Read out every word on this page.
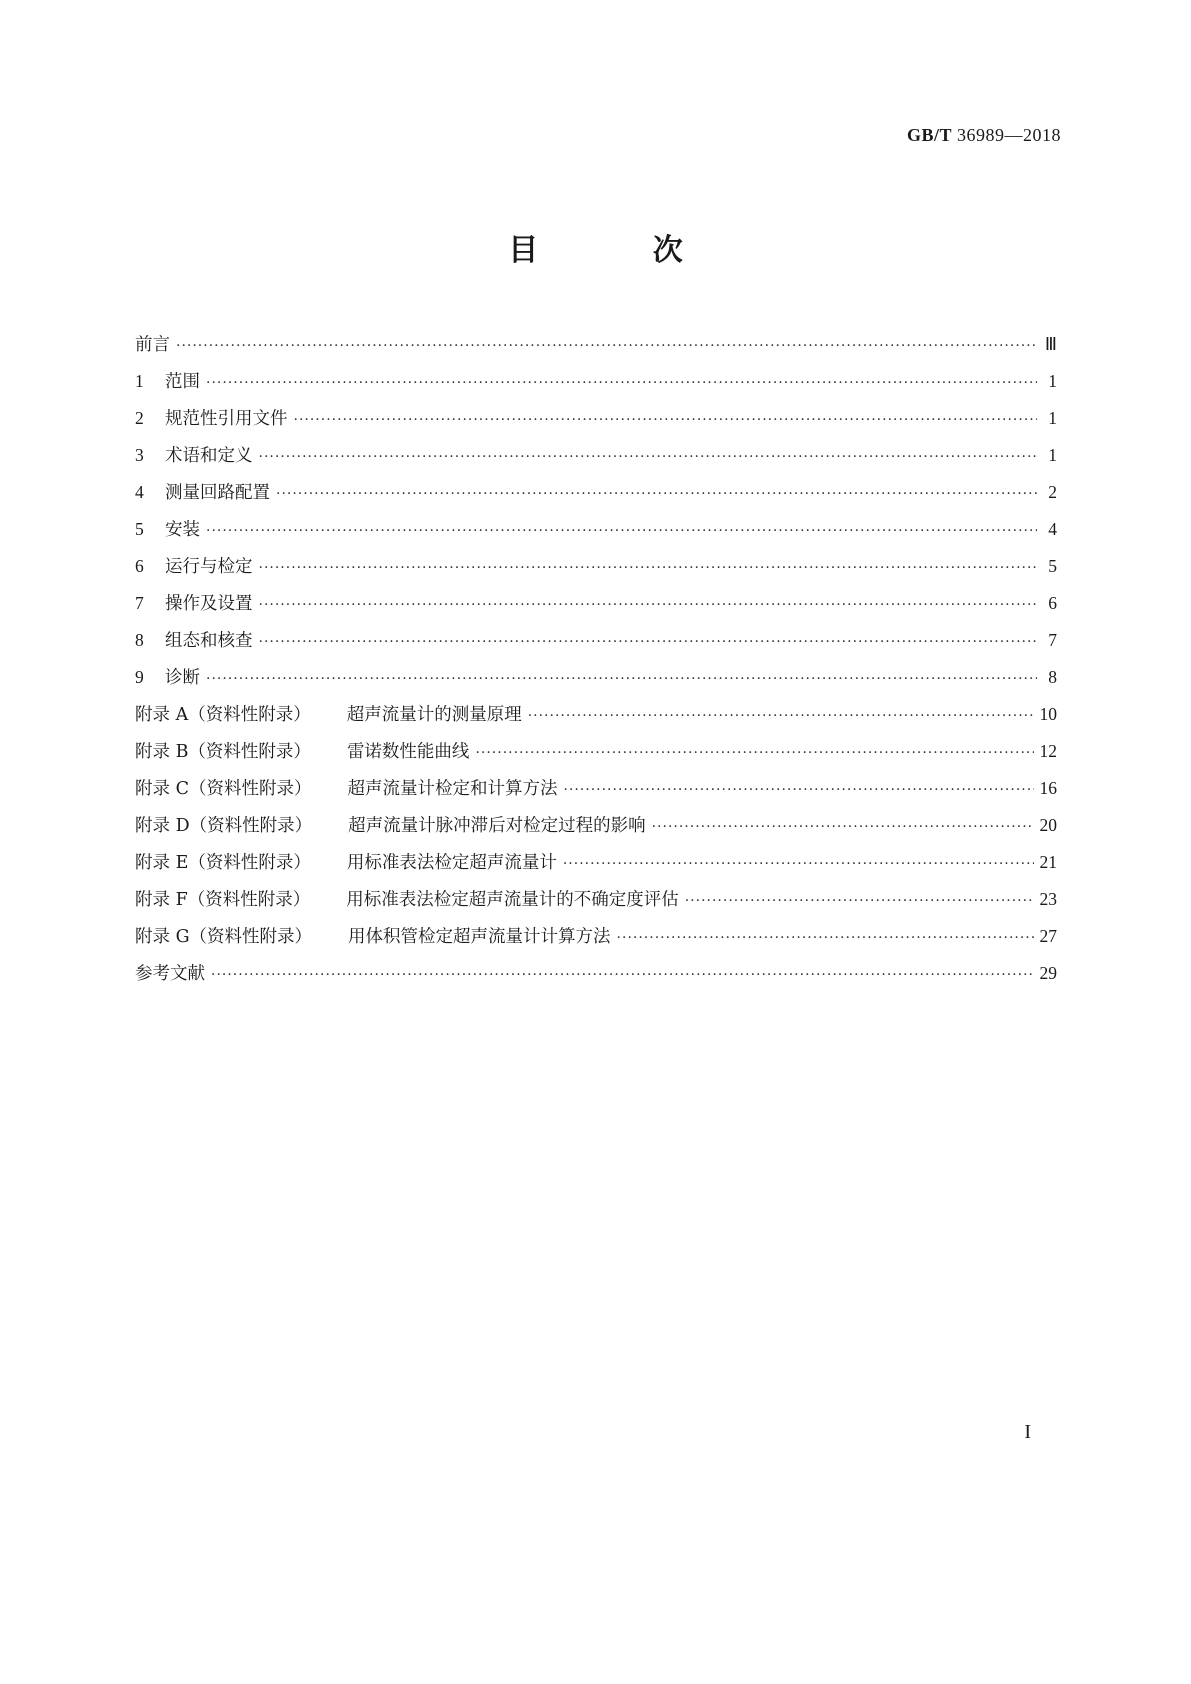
GB/T 36989—2018
目 次
前言 ·····	Ⅲ
1	范围 ·····	1
2	规范性引用文件 ·····	1
3	术语和定义 ·····	1
4	测量回路配置 ·····	2
5	安装 ·····	4
6	运行与检定 ·····	5
7	操作及设置 ·····	6
8	组态和核查 ·····	7
9	诊断 ·····	8
附录 A（资料性附录）	超声流量计的测量原理 ·····	10
附录 B（资料性附录）	雷诺数性能曲线 ·····	12
附录 C（资料性附录）	超声流量计检定和计算方法 ·····	16
附录 D（资料性附录）	超声流量计脉冲滞后对检定过程的影响 ·····	20
附录 E（资料性附录）	用标准表法检定超声流量计 ·····	21
附录 F（资料性附录）	用标准表法检定超声流量计的不确定度评估 ·····	23
附录 G（资料性附录）	用体积管检定超声流量计计算方法 ·····	27
参考文献 ·····	29
I
